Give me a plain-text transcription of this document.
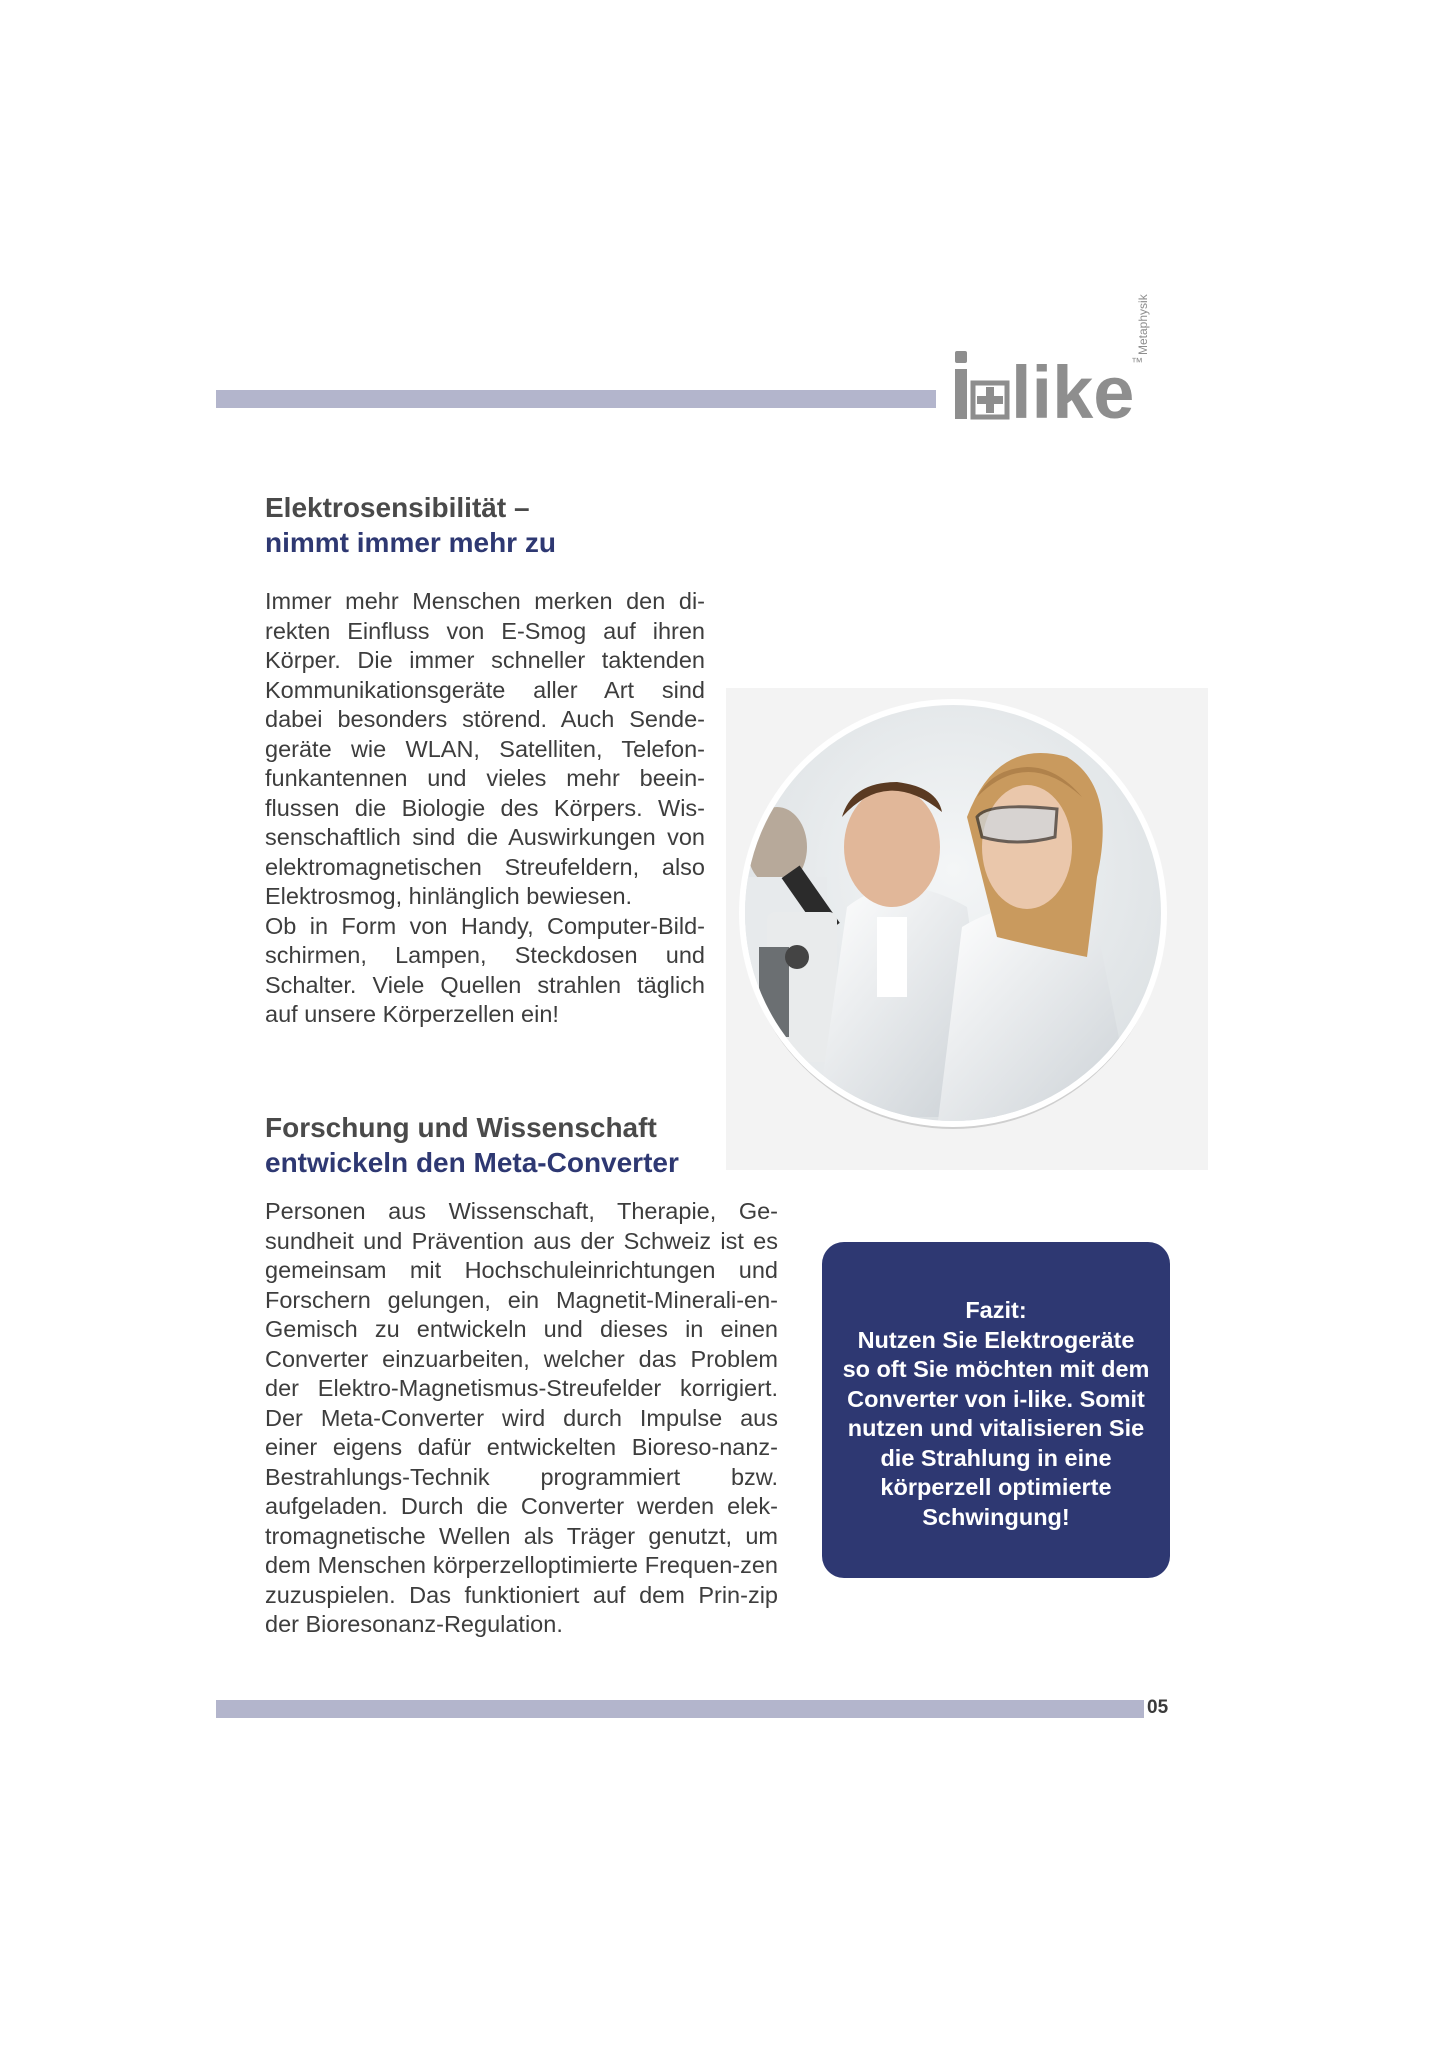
like
™
Metaphysik
Elektrosensibilität –
nimmt immer mehr zu

Immer mehr Menschen merken den di-rekten Einfluss von E-Smog auf ihren Körper. Die immer schneller taktenden Kommunikationsgeräte aller Art sind dabei besonders störend. Auch Sende-geräte wie WLAN, Satelliten, Telefon-funkantennen und vieles mehr beein-flussen die Biologie des Körpers. Wis-senschaftlich sind die Auswirkungen von elektromagnetischen Streufeldern, also Elektrosmog, hinlänglich bewiesen.

Ob in Form von Handy, Computer-Bild-schirmen, Lampen, Steckdosen und Schalter. Viele Quellen strahlen täglich auf unsere Körperzellen ein!

Forschung und Wissenschaft
entwickeln den Meta-Converter

Personen aus Wissenschaft, Therapie, Ge-sundheit und Prävention aus der Schweiz ist es gemeinsam mit Hochschuleinrichtungen und Forschern gelungen, ein Magnetit-Minerali-en-Gemisch zu entwickeln und dieses in einen Converter einzuarbeiten, welcher das Problem der Elektro-Magnetismus-Streufelder korrigiert. Der Meta-Converter wird durch Impulse aus einer eigens dafür entwickelten Bioreso-nanz-Bestrahlungs-Technik programmiert bzw. aufgeladen. Durch die Converter werden elek-tromagnetische Wellen als Träger genutzt, um dem Menschen körperzelloptimierte Frequen-zen zuzuspielen. Das funktioniert auf dem Prin-zip der Bioresonanz-Regulation.

Fazit:
Nutzen Sie Elektrogeräte
so oft Sie möchten mit dem
Converter von i-like. Somit
nutzen und vitalisieren Sie
die Strahlung in eine
körperzell optimierte
Schwingung!
05
